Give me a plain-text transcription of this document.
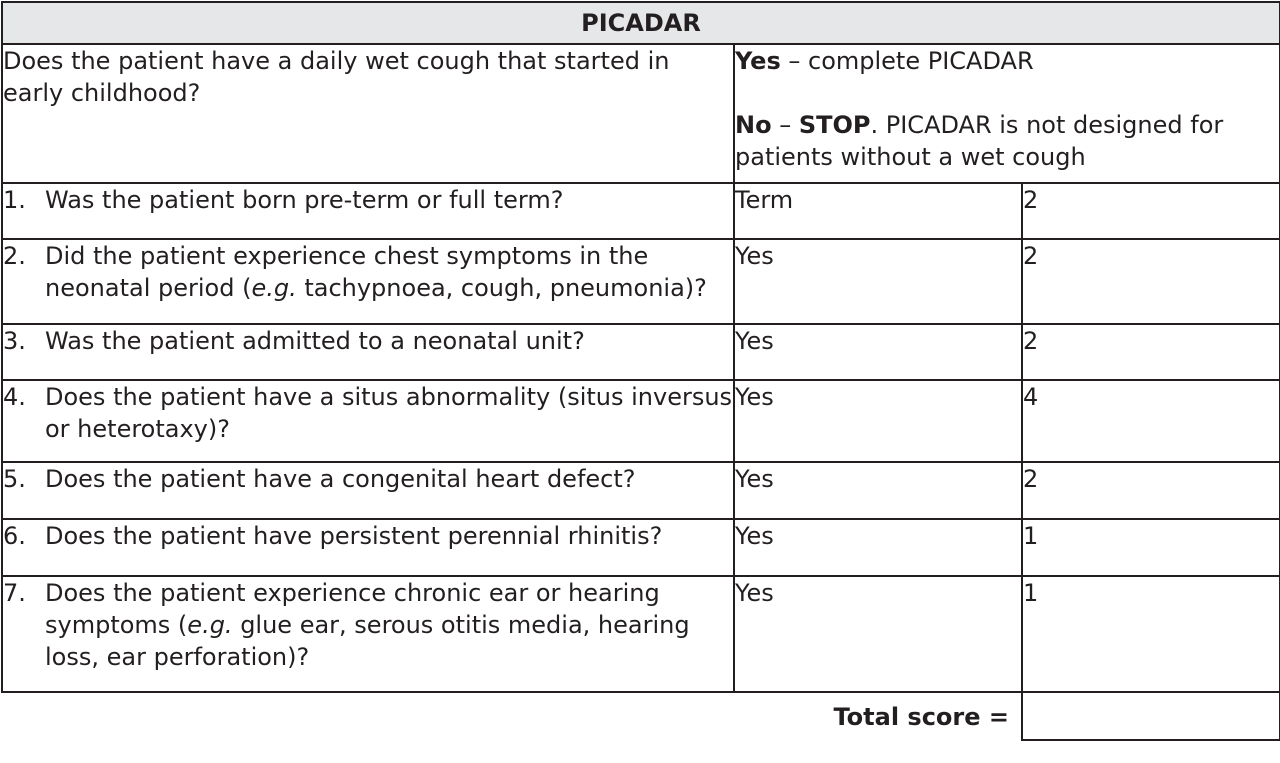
PICADAR		
Does the patient have a daily wet cough that started in early childhood?	Yes – complete PICADAR

No – STOP. PICADAR is not designed for patients without a wet cough	

1. Was the patient born pre-term or full term?	Term	2

2. Did the patient experience chest symptoms in the neonatal period (e.g. tachypnoea, cough, pneumonia)?	Yes	2

3. Was the patient admitted to a neonatal unit?	Yes	2

4. Does the patient have a situs abnormality (situs inversus or heterotaxy)?	Yes	4

5. Does the patient have a congenital heart defect?	Yes	2

6. Does the patient have persistent perennial rhinitis?	Yes	1

7. Does the patient experience chronic ear or hearing symptoms (e.g. glue ear, serous otitis media, hearing loss, ear perforation)?	Yes	1
	Total score =	
